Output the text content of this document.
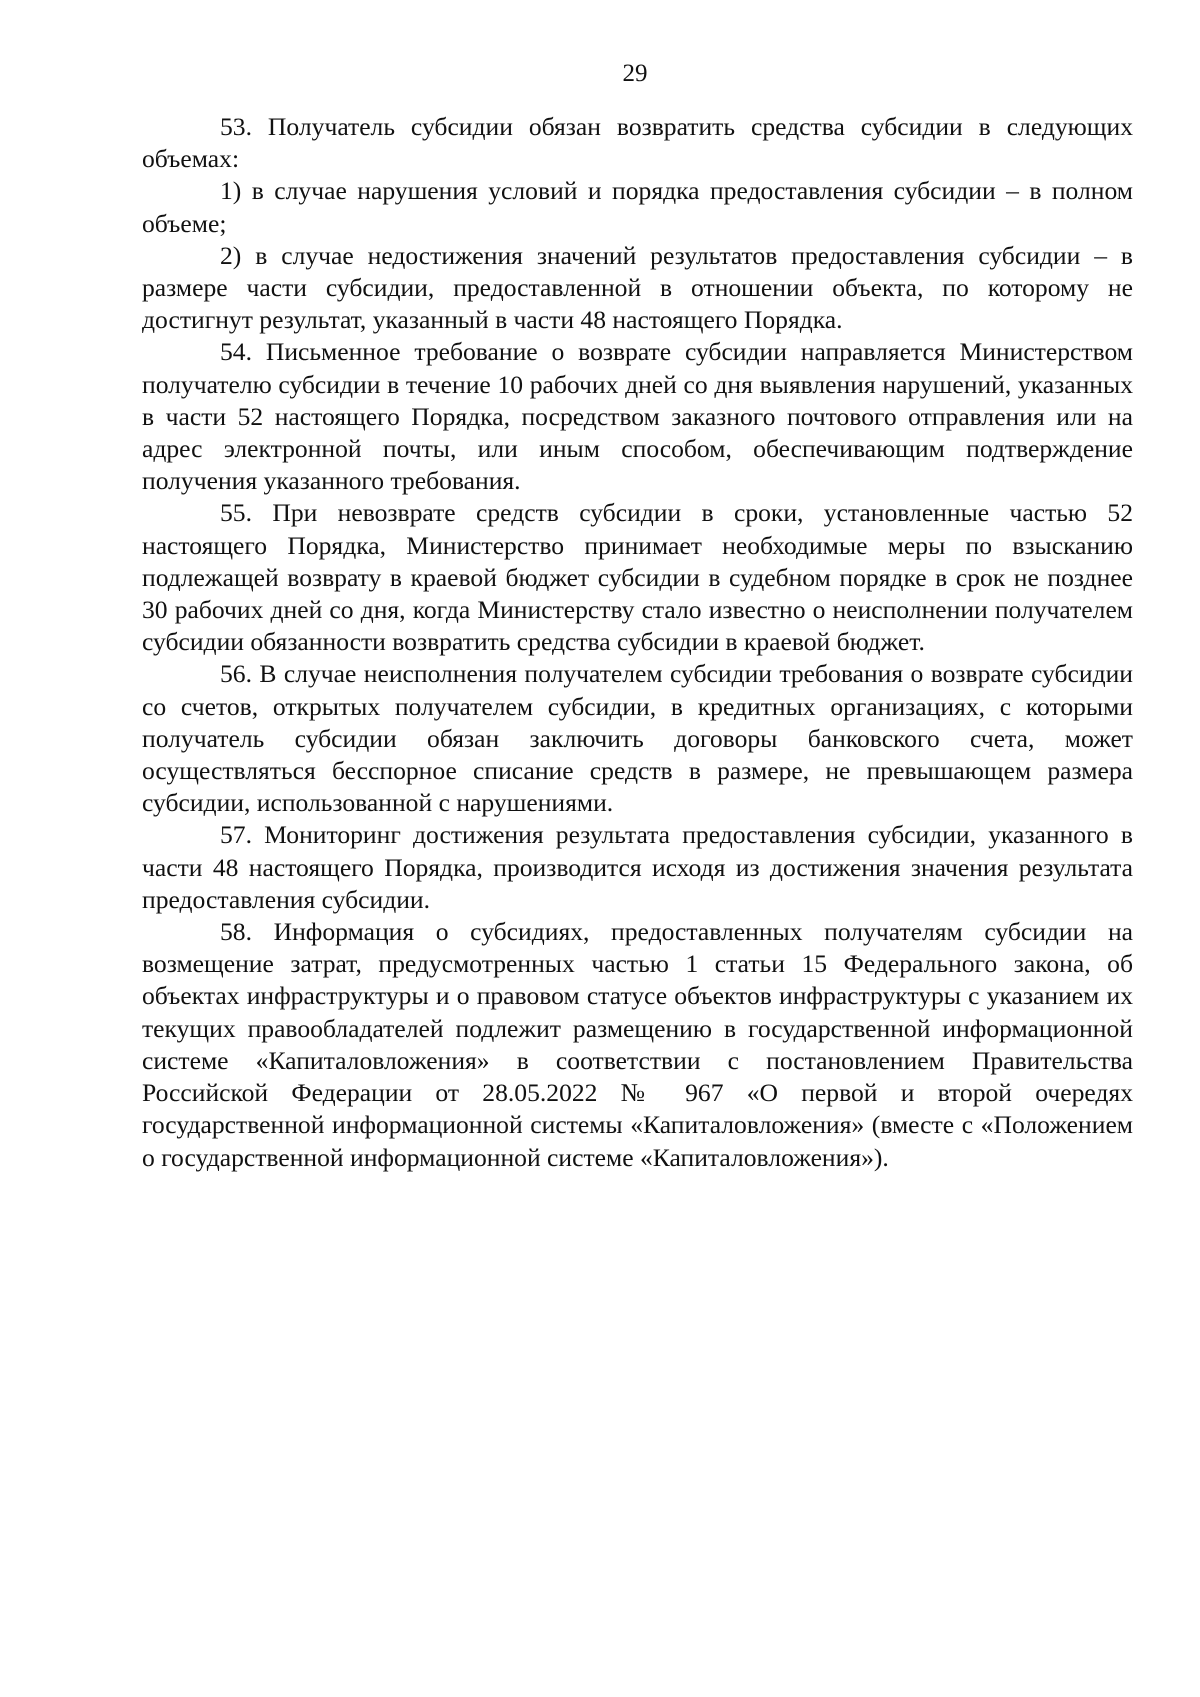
29

53. Получатель субсидии обязан возвратить средства субсидии в следующих объемах:

1) в случае нарушения условий и порядка предоставления субсидии – в полном объеме;

2) в случае недостижения значений результатов предоставления субсидии – в размере части субсидии, предоставленной в отношении объекта, по которому не достигнут результат, указанный в части 48 настоящего Порядка.

54. Письменное требование о возврате субсидии направляется Министерством получателю субсидии в течение 10 рабочих дней со дня выявления нарушений, указанных в части 52 настоящего Порядка, посредством заказного почтового отправления или на адрес электронной почты, или иным способом, обеспечивающим подтверждение получения указанного требования.

55. При невозврате средств субсидии в сроки, установленные частью 52 настоящего Порядка, Министерство принимает необходимые меры по взысканию подлежащей возврату в краевой бюджет субсидии в судебном порядке в срок не позднее 30 рабочих дней со дня, когда Министерству стало известно о неисполнении получателем субсидии обязанности возвратить средства субсидии в краевой бюджет.

56. В случае неисполнения получателем субсидии требования о возврате субсидии со счетов, открытых получателем субсидии, в кредитных организациях, с которыми получатель субсидии обязан заключить договоры банковского счета, может осуществляться бесспорное списание средств в размере, не превышающем размера субсидии, использованной с нарушениями.

57. Мониторинг достижения результата предоставления субсидии, указанного в части 48 настоящего Порядка, производится исходя из достижения значения результата предоставления субсидии.

58. Информация о субсидиях, предоставленных получателям субсидии на возмещение затрат, предусмотренных частью 1 статьи 15 Федерального закона, об объектах инфраструктуры и о правовом статусе объектов инфраструктуры с указанием их текущих правообладателей подлежит размещению в государственной информационной системе «Капиталовложения» в соответствии с постановлением Правительства Российской Федерации от 28.05.2022 № 967 «О первой и второй очередях государственной информационной системы «Капиталовложения» (вместе с «Положением о государственной информационной системе «Капиталовложения»).
